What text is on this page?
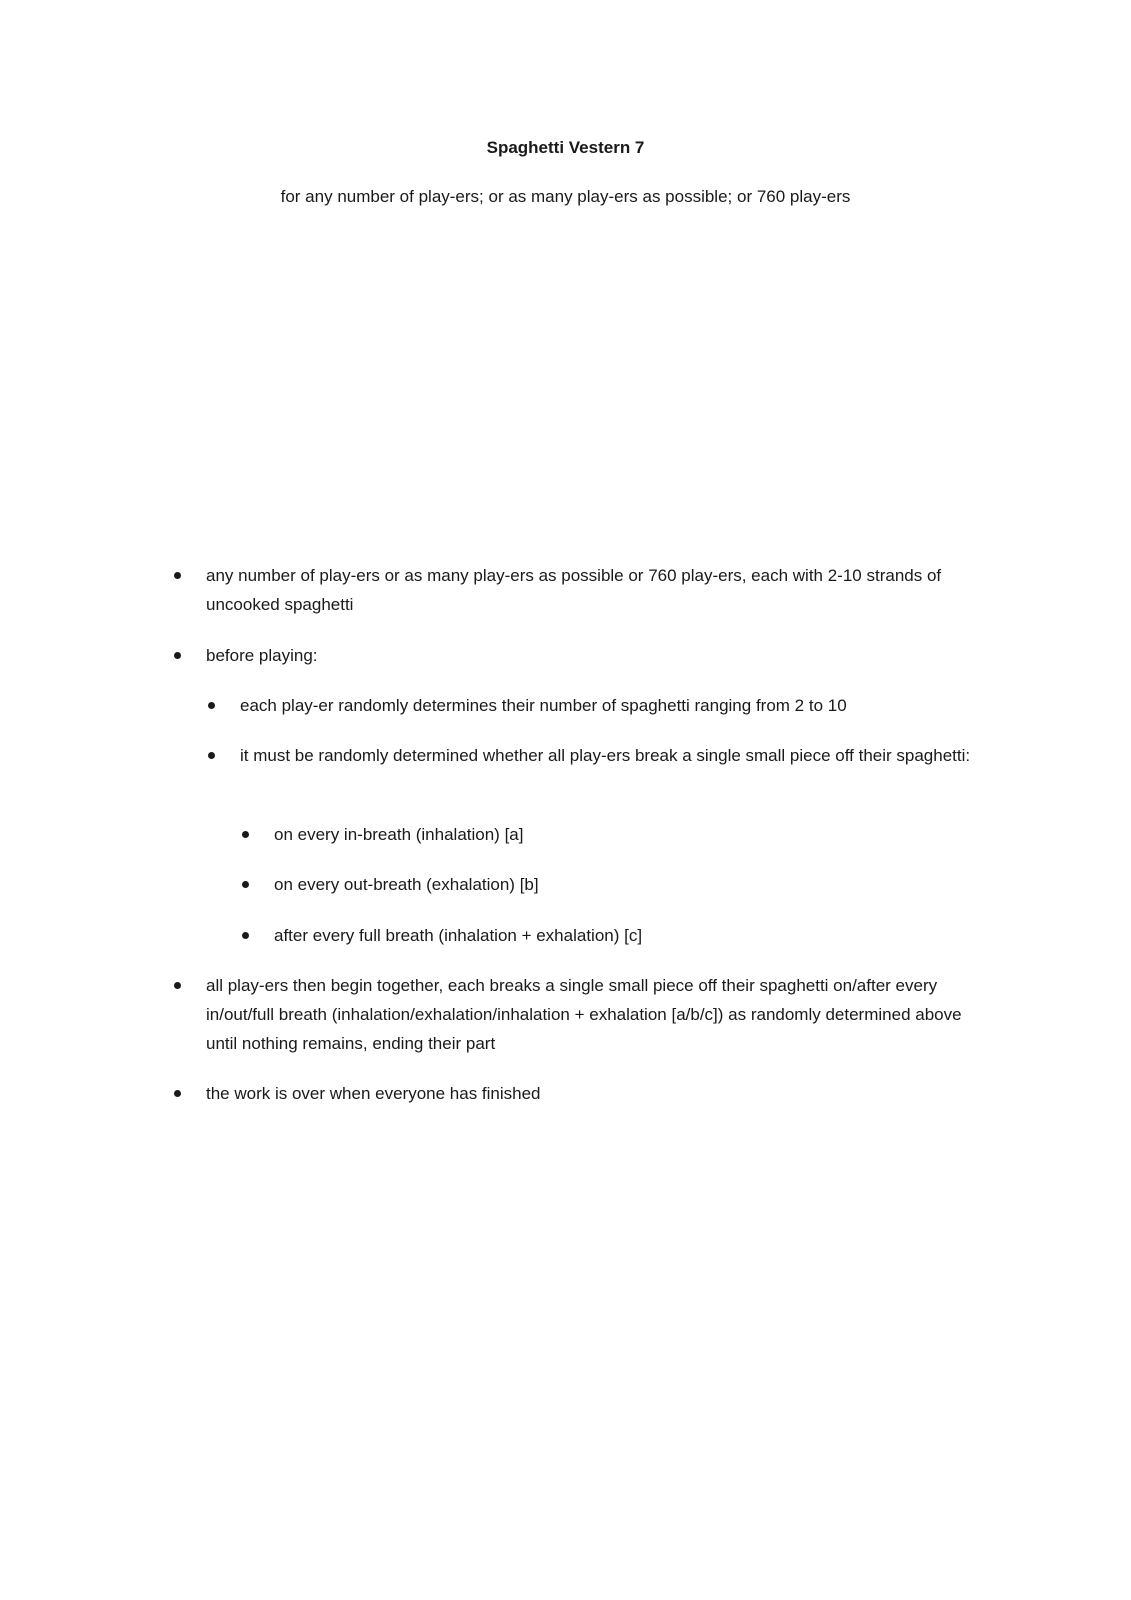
Spaghetti Vestern 7
for any number of play-ers; or as many play-ers as possible; or 760 play-ers

any number of play-ers or as many play-ers as possible or 760 play-ers, each with 2-10 strands of uncooked spaghetti

before playing:

each play-er randomly determines their number of spaghetti ranging from 2 to 10

it must be randomly determined whether all play-ers break a single small piece off their spaghetti:

on every in-breath (inhalation) [a]

on every out-breath (exhalation) [b]

after every full breath (inhalation + exhalation) [c]

all play-ers then begin together, each breaks a single small piece off their spaghetti on/after every in/out/full breath (inhalation/exhalation/inhalation + exhalation [a/b/c]) as randomly determined above until nothing remains, ending their part

the work is over when everyone has finished
